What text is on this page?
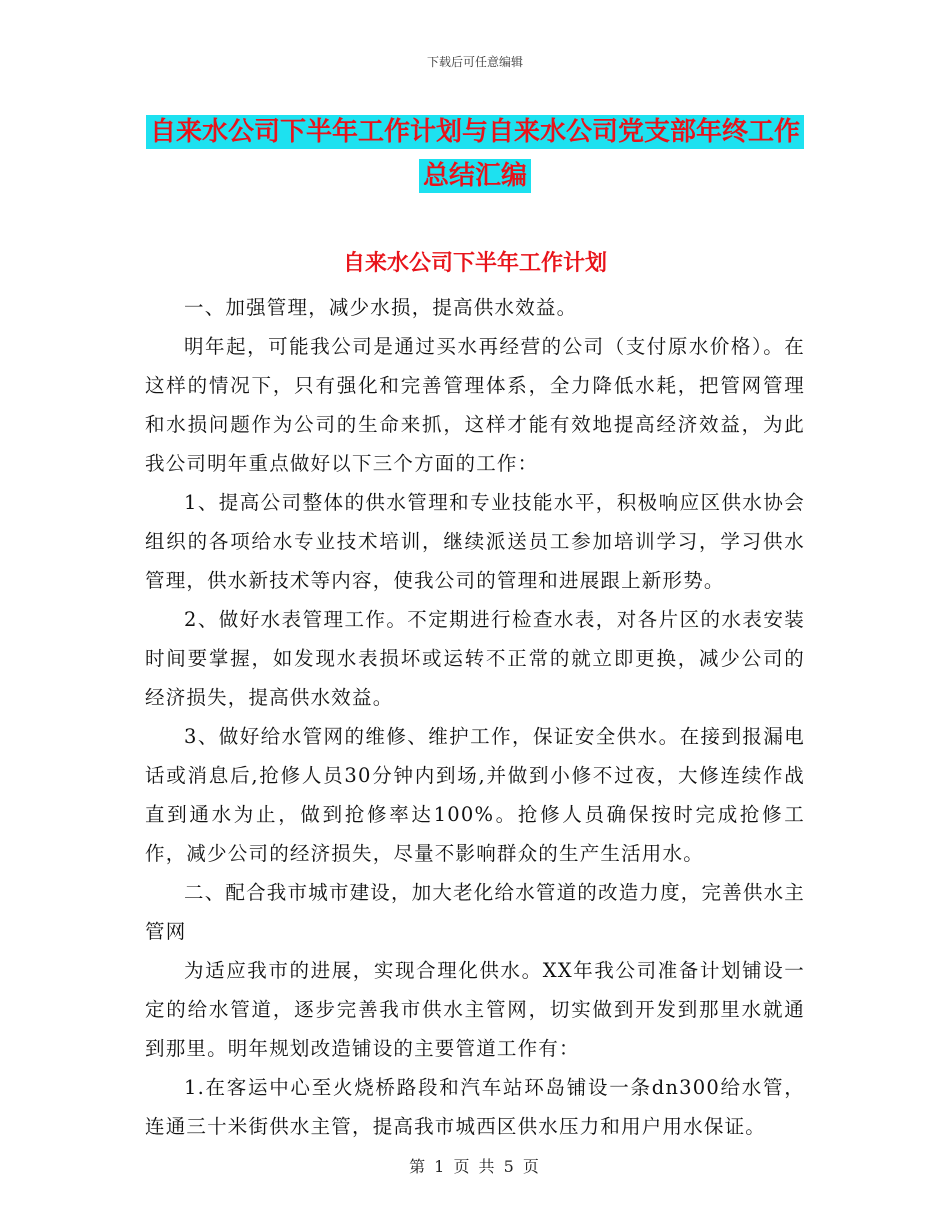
下载后可任意编辑
自来水公司下半年工作计划与自来水公司党支部年终工作总结汇编
自来水公司下半年工作计划

一、加强管理，减少水损，提高供水效益。

明年起，可能我公司是通过买水再经营的公司（支付原水价格）。在这样的情况下，只有强化和完善管理体系，全力降低水耗，把管网管理和水损问题作为公司的生命来抓，这样才能有效地提高经济效益，为此我公司明年重点做好以下三个方面的工作：

1、提高公司整体的供水管理和专业技能水平，积极响应区供水协会组织的各项给水专业技术培训，继续派送员工参加培训学习，学习供水管理，供水新技术等内容，使我公司的管理和进展跟上新形势。

2、做好水表管理工作。不定期进行检查水表，对各片区的水表安装时间要掌握，如发现水表损坏或运转不正常的就立即更换，减少公司的经济损失，提高供水效益。

3、做好给水管网的维修、维护工作，保证安全供水。在接到报漏电话或消息后,抢修人员30分钟内到场,并做到小修不过夜，大修连续作战直到通水为止，做到抢修率达100%。抢修人员确保按时完成抢修工作，减少公司的经济损失，尽量不影响群众的生产生活用水。

二、配合我市城市建设，加大老化给水管道的改造力度，完善供水主管网

为适应我市的进展，实现合理化供水。XX年我公司准备计划铺设一定的给水管道，逐步完善我市供水主管网，切实做到开发到那里水就通到那里。明年规划改造铺设的主要管道工作有：

1.在客运中心至火烧桥路段和汽车站环岛铺设一条dn300给水管，连通三十米街供水主管，提高我市城西区供水压力和用户用水保证。

第 1 页 共 5 页
